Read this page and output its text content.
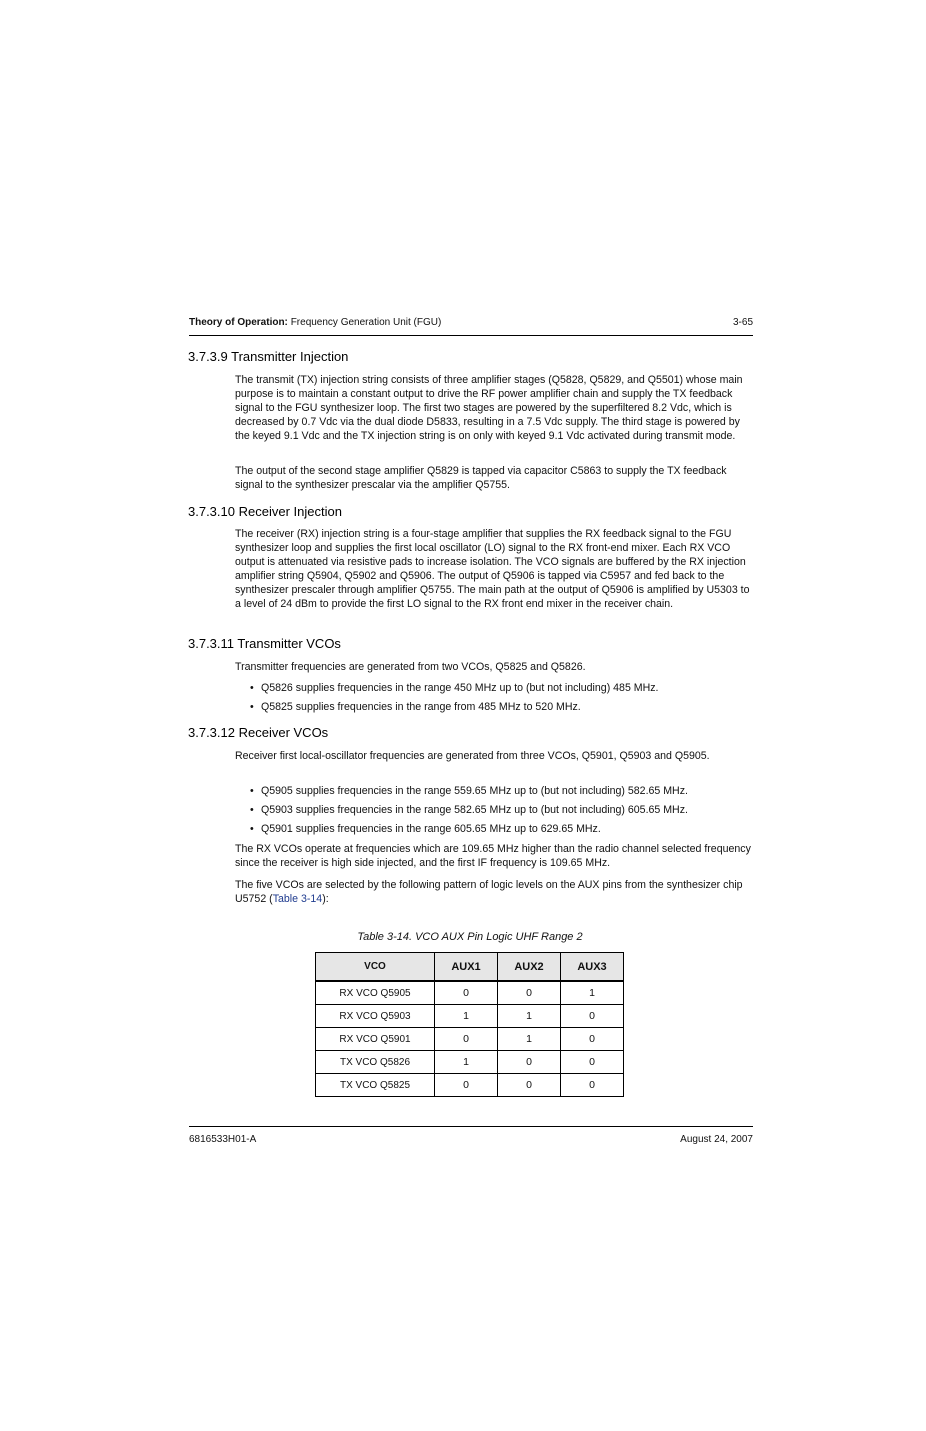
Theory of Operation: Frequency Generation Unit (FGU)	3-65
3.7.3.9 Transmitter Injection

The transmit (TX) injection string consists of three amplifier stages (Q5828, Q5829, and Q5501) whose main purpose is to maintain a constant output to drive the RF power amplifier chain and supply the TX feedback signal to the FGU synthesizer loop. The first two stages are powered by the superfiltered 8.2 Vdc, which is decreased by 0.7 Vdc via the dual diode D5833, resulting in a 7.5 Vdc supply. The third stage is powered by the keyed 9.1 Vdc and the TX injection string is on only with keyed 9.1 Vdc activated during transmit mode.

The output of the second stage amplifier Q5829 is tapped via capacitor C5863 to supply the TX feedback signal to the synthesizer prescalar via the amplifier Q5755.

3.7.3.10 Receiver Injection

The receiver (RX) injection string is a four-stage amplifier that supplies the RX feedback signal to the FGU synthesizer loop and supplies the first local oscillator (LO) signal to the RX front-end mixer. Each RX VCO output is attenuated via resistive pads to increase isolation. The VCO signals are buffered by the RX injection amplifier string Q5904, Q5902 and Q5906. The output of Q5906 is tapped via C5957 and fed back to the synthesizer prescaler through amplifier Q5755. The main path at the output of Q5906 is amplified by U5303 to a level of 24 dBm to provide the first LO signal to the RX front end mixer in the receiver chain.

3.7.3.11 Transmitter VCOs

Transmitter frequencies are generated from two VCOs, Q5825 and Q5826.

• Q5826 supplies frequencies in the range 450 MHz up to (but not including) 485 MHz.
• Q5825 supplies frequencies in the range from 485 MHz to 520 MHz.
3.7.3.12 Receiver VCOs

Receiver first local-oscillator frequencies are generated from three VCOs, Q5901, Q5903 and Q5905.

• Q5905 supplies frequencies in the range 559.65 MHz up to (but not including) 582.65 MHz.
• Q5903 supplies frequencies in the range 582.65 MHz up to (but not including) 605.65 MHz.
• Q5901 supplies frequencies in the range 605.65 MHz up to 629.65 MHz.

The RX VCOs operate at frequencies which are 109.65 MHz higher than the radio channel selected frequency since the receiver is high side injected, and the first IF frequency is 109.65 MHz.

The five VCOs are selected by the following pattern of logic levels on the AUX pins from the synthesizer chip U5752 (Table 3-14):

Table 3-14. VCO AUX Pin Logic UHF Range 2
VCO	AUX1	AUX2	AUX3
RX VCO Q5905	0	0	1
RX VCO Q5903	1	1	0
RX VCO Q5901	0	1	0
TX VCO Q5826	1	0	0
TX VCO Q5825	0	0	0
6816533H01-A	August 24, 2007
